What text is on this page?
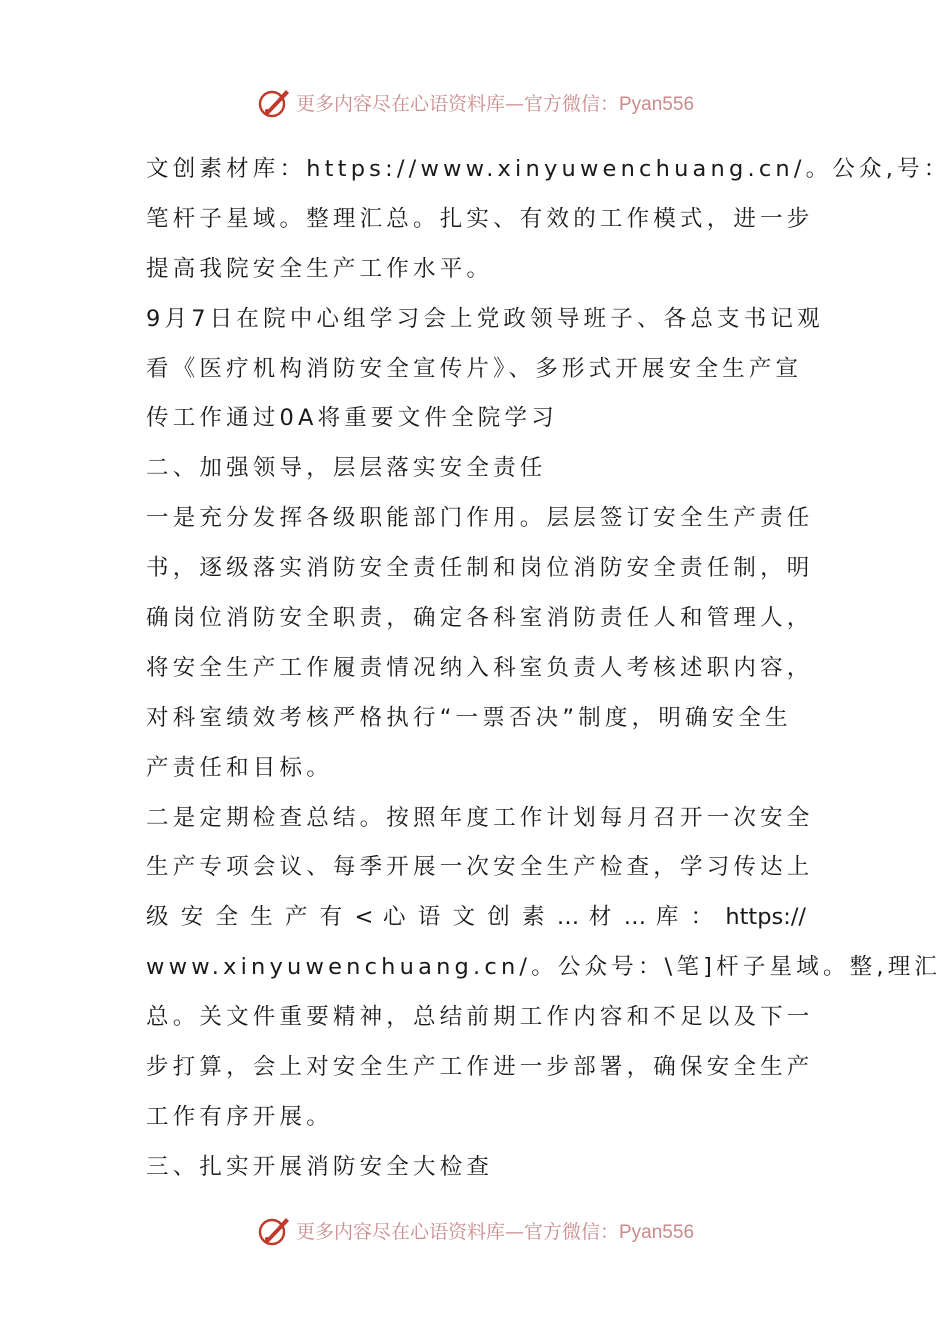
更多内容尽在心语资料库—官方微信：Pyan556
文创素材库：https://www.xinyuwenchuang.cn/。公众,号：
笔杆子星域。整理汇总。扎实、有效的工作模式，进一步
提高我院安全生产工作水平。
9月7日在院中心组学习会上党政领导班子、各总支书记观
看《医疗机构消防安全宣传片》、多形式开展安全生产宣
传工作通过0A将重要文件全院学习
二、加强领导，层层落实安全责任
一是充分发挥各级职能部门作用。层层签订安全生产责任
书，逐级落实消防安全责任制和岗位消防安全责任制，明
确岗位消防安全职责，确定各科室消防责任人和管理人，
将安全生产工作履责情况纳入科室负责人考核述职内容，
对科室绩效考核严格执行“一票否决”制度，明确安全生
产责任和目标。
二是定期检查总结。按照年度工作计划每月召开一次安全
生产专项会议、每季开展一次安全生产检查，学习传达上
级 安 全 生 产 有 < 心 语 文 创 素 … 材 … 库 ： https://
www.xinyuwenchuang.cn/。公众号：\笔]杆子星域。整,理汇
总。关文件重要精神，总结前期工作内容和不足以及下一
步打算，会上对安全生产工作进一步部署，确保安全生产
工作有序开展。
三、扎实开展消防安全大检查
更多内容尽在心语资料库—官方微信：Pyan556
